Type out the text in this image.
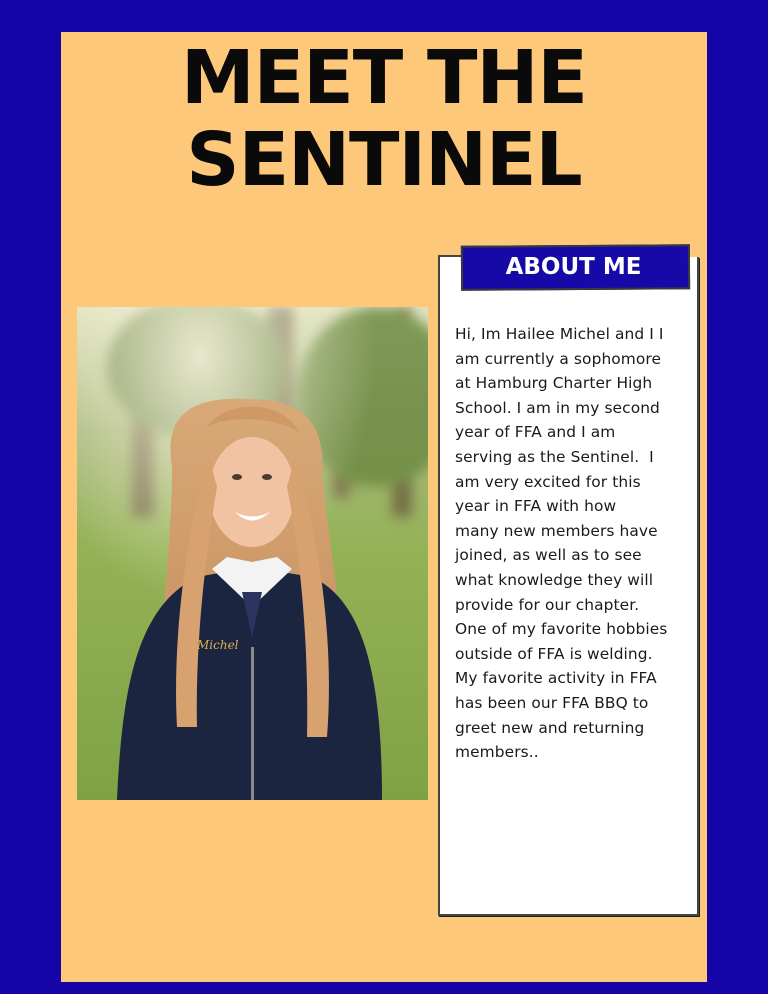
MEET THE
SENTINEL
Michel
ABOUT ME
Hi, Im Hailee Michel and I I
am currently a sophomore
at Hamburg Charter High
School. I am in my second
year of FFA and I am
serving as the Sentinel.  I
am very excited for this
year in FFA with how
many new members have
joined, as well as to see
what knowledge they will
provide for our chapter.
One of my favorite hobbies
outside of FFA is welding.
My favorite activity in FFA
has been our FFA BBQ to
greet new and returning
members..
